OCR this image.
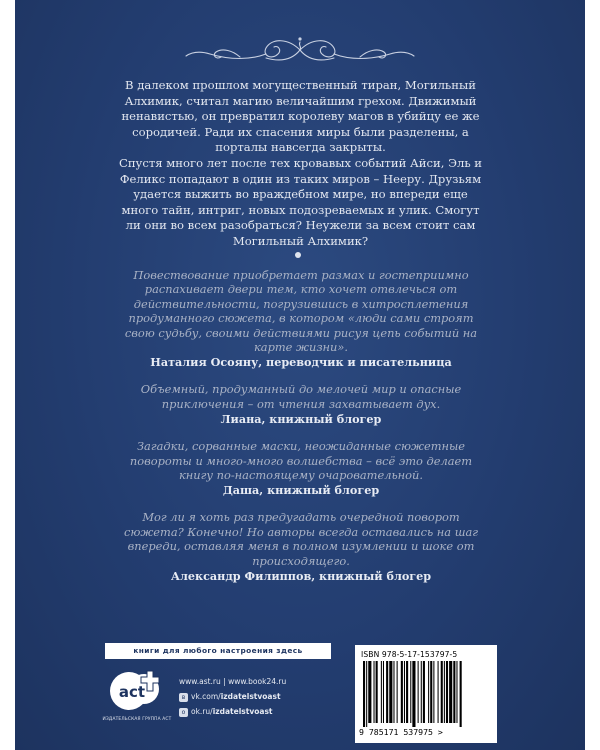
В далеком прошлом могущественный тиран, Могильный Алхимик, считал магию величайшим грехом. Движимый ненавистью, он превратил королеву магов в убийцу ее же сородичей. Ради их спасения миры были разделены, а порталы навсегда закрыты.

Спустя много лет после тех кровавых событий Айси, Эль и Феликс попадают в один из таких миров – Нееру. Друзьям удается выжить во враждебном мире, но впереди еще много тайн, интриг, новых подозреваемых и улик. Смогут ли они во всем разобраться? Неужели за всем стоит сам Могильный Алхимик?

Повествование приобретает размах и гостеприимно распахивает двери тем, кто хочет отвлечься от действительности, погрузившись в хитросплетения продуманного сюжета, в котором «люди сами строят свою судьбу, своими действиями рисуя цепь событий на карте жизни».

Наталия Осояну, переводчик и писательница

Объемный, продуманный до мелочей мир и опасные приключения – от чтения захватывает дух.

Лиана, книжный блогер

Загадки, сорванные маски, неожиданные сюжетные повороты и много-много волшебства – всё это делает книгу по-настоящему очаровательной.

Даша, книжный блогер

Мог ли я хоть раз предугадать очередной поворот сюжета? Конечно! Но авторы всегда оставались на шаг впереди, оставляя меня в полном изумлении и шоке от происходящего.

Александр Филиппов, книжный блогер

книги для любого настроения здесь
act
ИЗДАТЕЛЬСКАЯ ГРУППА АСТ
www.ast.ru | www.book24.ru
в vk.com/izdatelstvoast
о ok.ru/izdatelstvoast
ISBN 978-5-17-153797-5
9 785171 537975 >
